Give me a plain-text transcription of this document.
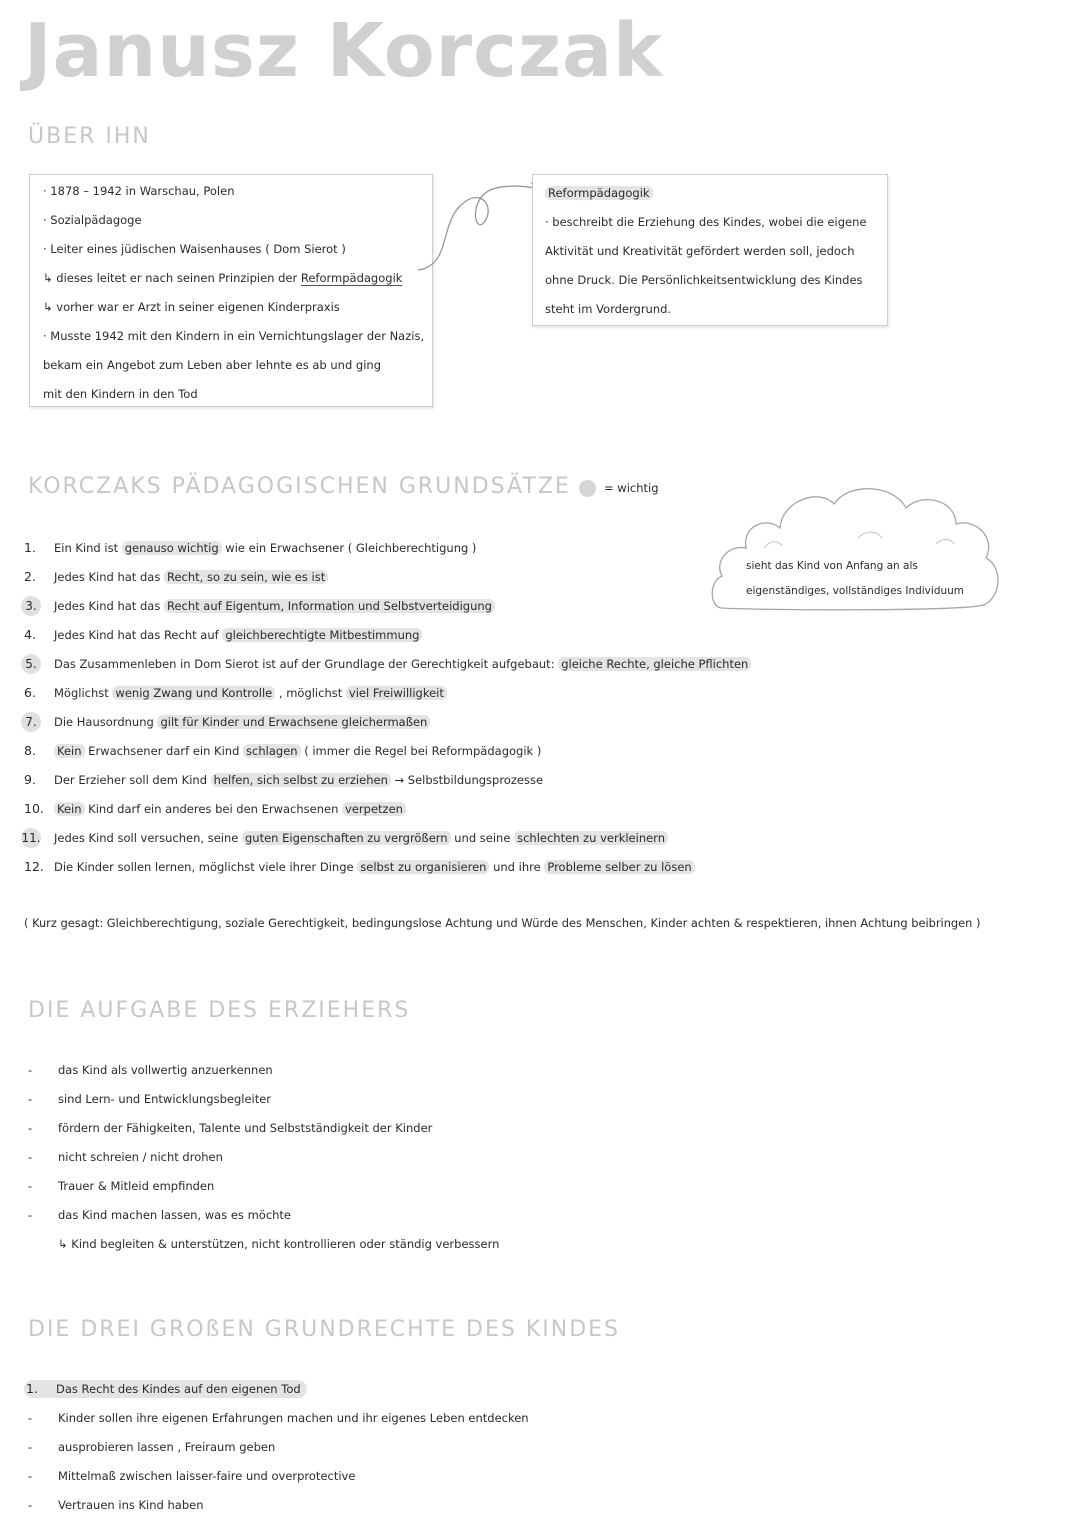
Janusz Korczak
ÜBER IHN
· 1878 – 1942 in Warschau, Polen
· Sozialpädagoge
· Leiter eines jüdischen Waisenhauses ( Dom Sierot )
↳ dieses leitet er nach seinen Prinzipien der Reformpädagogik
↳ vorher war er Arzt in seiner eigenen Kinderpraxis
· Musste 1942 mit den Kindern in ein Vernichtungslager der Nazis,
bekam ein Angebot zum Leben aber lehnte es ab und ging
mit den Kindern in den Tod
Reformpädagogik
· beschreibt die Erziehung des Kindes, wobei die eigene
Aktivität und Kreativität gefördert werden soll, jedoch
ohne Druck. Die Persönlichkeitsentwicklung des Kindes
steht im Vordergrund.
KORCZAKS PÄDAGOGISCHEN GRUNDSÄTZE	= wichtig
sieht das Kind von Anfang an als
eigenständiges, vollständiges Individuum
1. Ein Kind ist genauso wichtig wie ein Erwachsener ( Gleichberechtigung )
2. Jedes Kind hat das Recht, so zu sein, wie es ist
3. Jedes Kind hat das Recht auf Eigentum, Information und Selbstverteidigung
4. Jedes Kind hat das Recht auf gleichberechtigte Mitbestimmung
5. Das Zusammenleben in Dom Sierot ist auf der Grundlage der Gerechtigkeit aufgebaut: gleiche Rechte, gleiche Pflichten
6. Möglichst wenig Zwang und Kontrolle , möglichst viel Freiwilligkeit
7. Die Hausordnung gilt für Kinder und Erwachsene gleichermaßen
8. Kein Erwachsener darf ein Kind schlagen ( immer die Regel bei Reformpädagogik )
9. Der Erzieher soll dem Kind helfen, sich selbst zu erziehen → Selbstbildungsprozesse
10. Kein Kind darf ein anderes bei den Erwachsenen verpetzen
11. Jedes Kind soll versuchen, seine guten Eigenschaften zu vergrößern und seine schlechten zu verkleinern
12. Die Kinder sollen lernen, möglichst viele ihrer Dinge selbst zu organisieren und ihre Probleme selber zu lösen
( Kurz gesagt: Gleichberechtigung, soziale Gerechtigkeit, bedingungslose Achtung und Würde des Menschen, Kinder achten & respektieren, ihnen Achtung beibringen )
DIE AUFGABE DES ERZIEHERS
- das Kind als vollwertig anzuerkennen
- sind Lern- und Entwicklungsbegleiter
- fördern der Fähigkeiten, Talente und Selbstständigkeit der Kinder
- nicht schreien / nicht drohen
- Trauer & Mitleid empfinden
- das Kind machen lassen, was es möchte
↳ Kind begleiten & unterstützen, nicht kontrollieren oder ständig verbessern
DIE DREI GROßEN GRUNDRECHTE DES KINDES
1. Das Recht des Kindes auf den eigenen Tod
- Kinder sollen ihre eigenen Erfahrungen machen und ihr eigenes Leben entdecken
- ausprobieren lassen , Freiraum geben
- Mittelmaß zwischen laisser-faire und overprotective
- Vertrauen ins Kind haben
